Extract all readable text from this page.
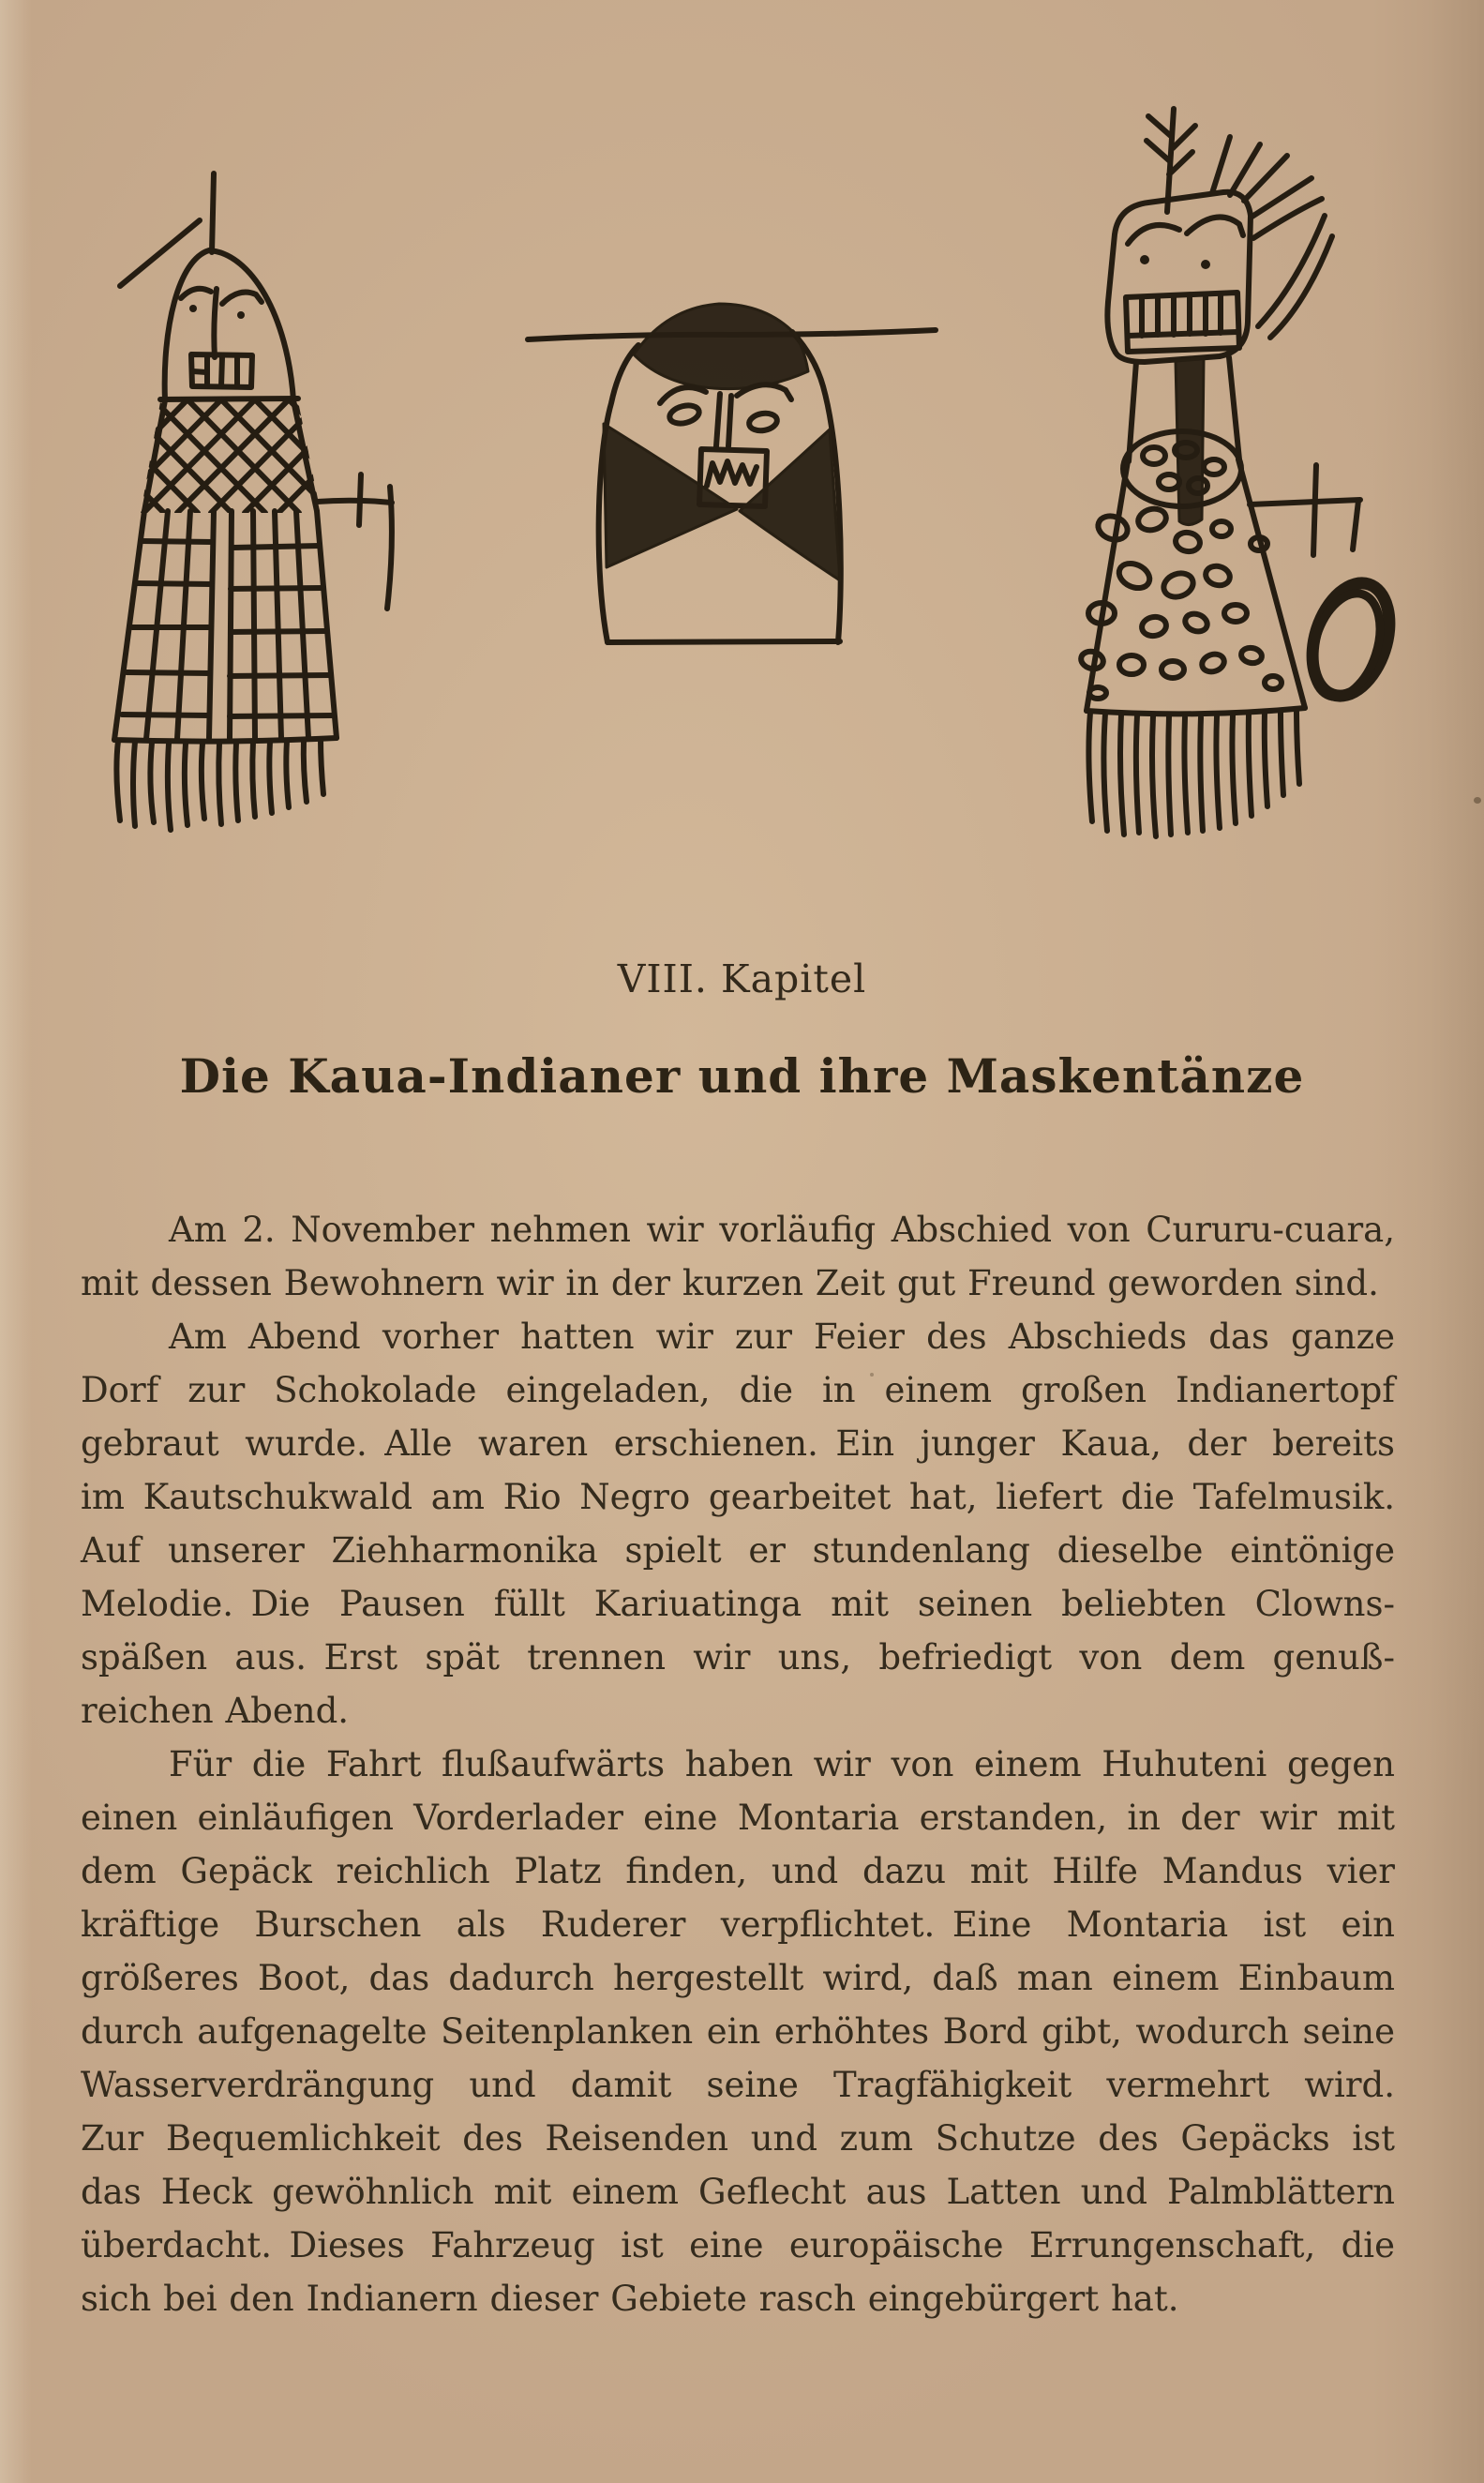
VIII. Kapitel
Die Kaua-Indianer und ihre Maskentänze
Am 2. November nehmen wir vorläufig Abschied von Cururu-cuara,
mit dessen Bewohnern wir in der kurzen Zeit gut Freund geworden sind.
Am Abend vorher hatten wir zur Feier des Abschieds das ganze
Dorf zur Schokolade eingeladen, die in einem großen Indianertopf
gebraut wurde. Alle waren erschienen. Ein junger Kaua, der bereits
im Kautschukwald am Rio Negro gearbeitet hat, liefert die Tafelmusik.
Auf unserer Ziehharmonika spielt er stundenlang dieselbe eintönige
Melodie. Die Pausen füllt Kariuatinga mit seinen beliebten Clowns-
späßen aus. Erst spät trennen wir uns, befriedigt von dem genuß-
reichen Abend.
Für die Fahrt flußaufwärts haben wir von einem Huhuteni gegen
einen einläufigen Vorderlader eine Montaria erstanden, in der wir mit
dem Gepäck reichlich Platz finden, und dazu mit Hilfe Mandus vier
kräftige Burschen als Ruderer verpflichtet. Eine Montaria ist ein
größeres Boot, das dadurch hergestellt wird, daß man einem Einbaum
durch aufgenagelte Seitenplanken ein erhöhtes Bord gibt, wodurch seine
Wasserverdrängung und damit seine Tragfähigkeit vermehrt wird.
Zur Bequemlichkeit des Reisenden und zum Schutze des Gepäcks ist
das Heck gewöhnlich mit einem Geflecht aus Latten und Palmblättern
überdacht. Dieses Fahrzeug ist eine europäische Errungenschaft, die
sich bei den Indianern dieser Gebiete rasch eingebürgert hat.
